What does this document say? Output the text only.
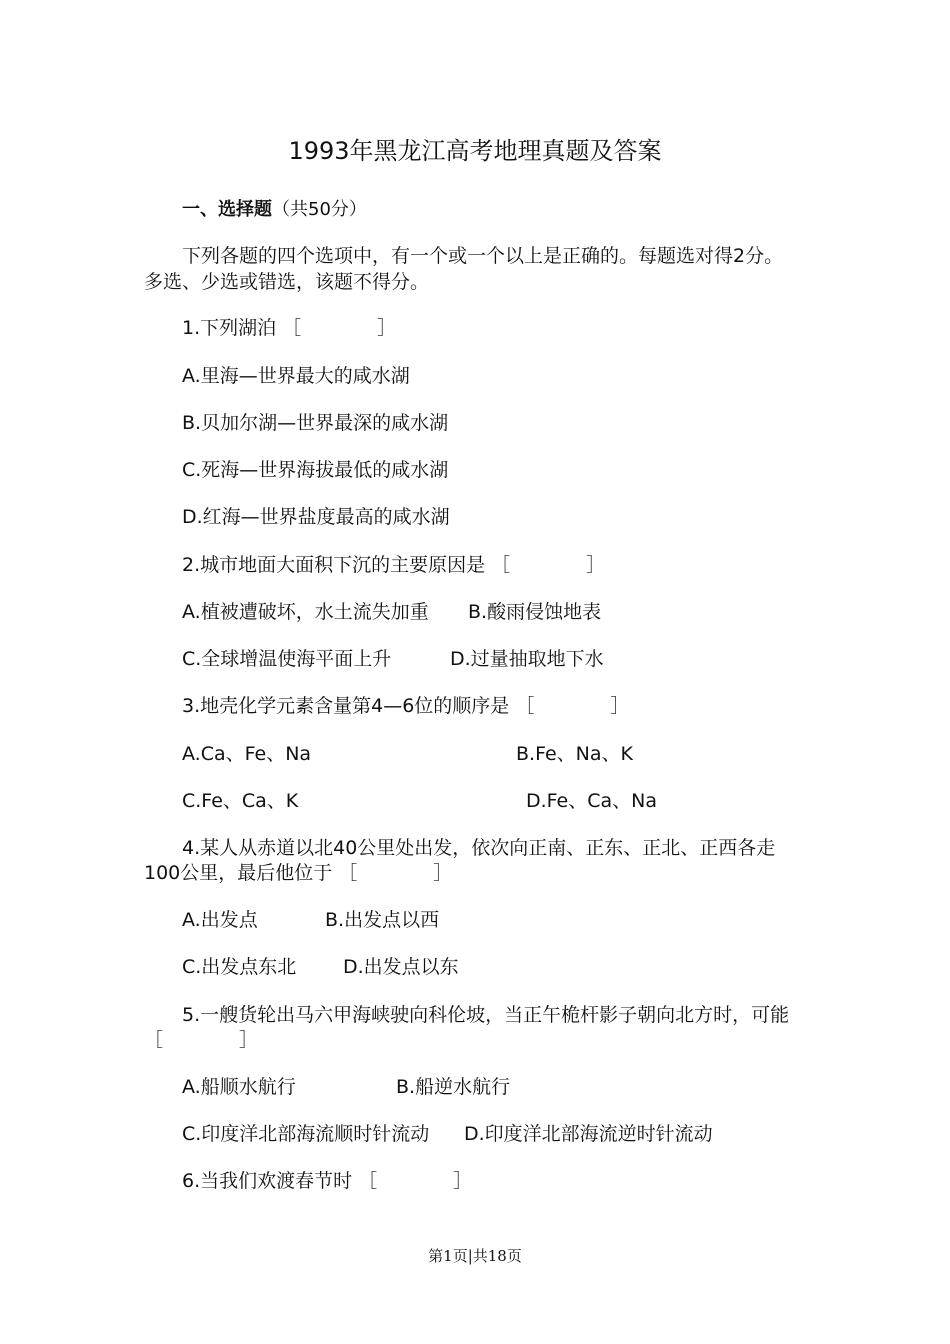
1993年黑龙江高考地理真题及答案
一、选择题（共50分）
下列各题的四个选项中，有一个或一个以上是正确的。每题选对得2分。
多选、少选或错选，该题不得分。
1.下列湖泊 ［　　　　］
A.里海—世界最大的咸水湖
B.贝加尔湖—世界最深的咸水湖
C.死海—世界海拔最低的咸水湖
D.红海—世界盐度最高的咸水湖
2.城市地面大面积下沉的主要原因是 ［　　　　］
A.植被遭破坏，水土流失加重 B.酸雨侵蚀地表
C.全球增温使海平面上升	D.过量抽取地下水
3.地壳化学元素含量第4—6位的顺序是 ［　　　　］
A.Ca、Fe、Na	B.Fe、Na、K
C.Fe、Ca、K	D.Fe、Ca、Na
4.某人从赤道以北40公里处出发，依次向正南、正东、正北、正西各走
100公里，最后他位于 ［　　　　］
A.出发点	B.出发点以西
C.出发点东北 D.出发点以东
5.一艘货轮出马六甲海峡驶向科伦坡，当正午桅杆影子朝向北方时，可能
［　　　　］
A.船顺水航行	B.船逆水航行
C.印度洋北部海流顺时针流动 D.印度洋北部海流逆时针流动
6.当我们欢渡春节时 ［　　　　］
第1页|共18页
